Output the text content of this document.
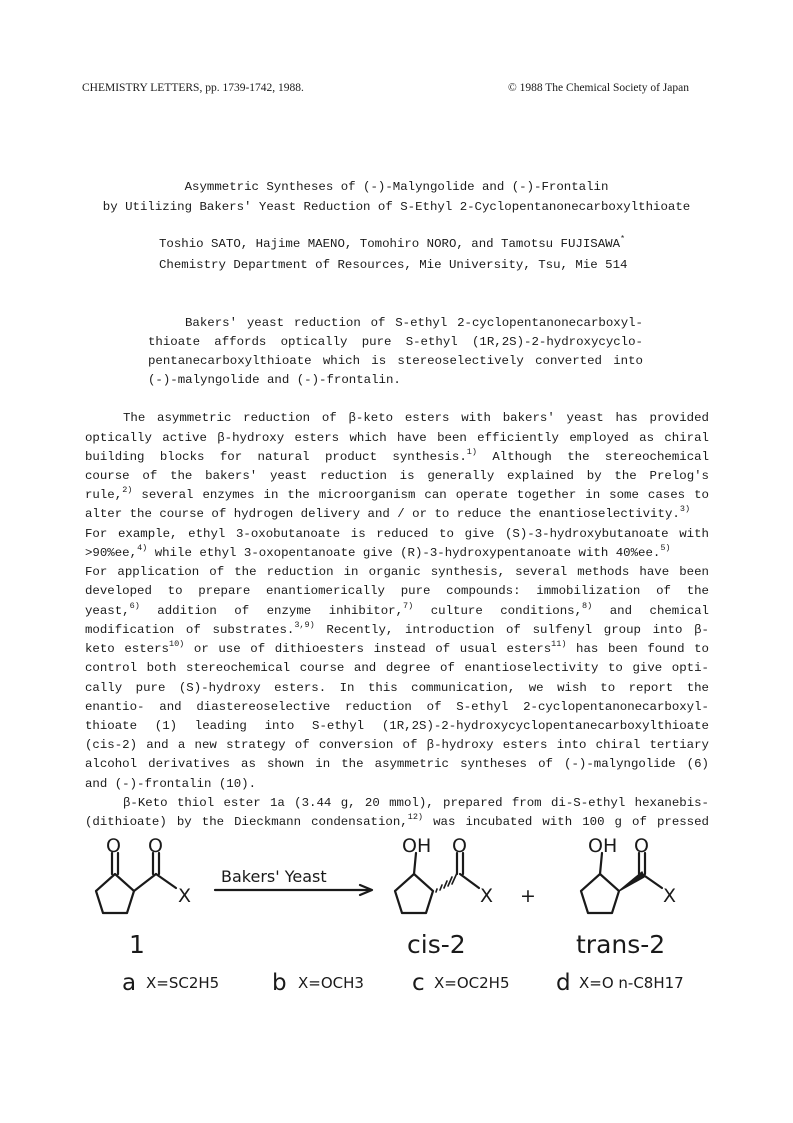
CHEMISTRY LETTERS, pp. 1739-1742, 1988.	© 1988 The Chemical Society of Japan
Asymmetric Syntheses of (-)-Malyngolide and (-)-Frontalin
by Utilizing Bakers' Yeast Reduction of S-Ethyl 2-Cyclopentanonecarboxylthioate
Toshio SATO, Hajime MAENO, Tomohiro NORO, and Tamotsu FUJISAWA*
Chemistry Department of Resources, Mie University, Tsu, Mie 514
Bakers' yeast reduction of S-ethyl 2-cyclopentanonecarboxyl-
thioate affords optically pure S-ethyl (1R,2S)-2-hydroxycyclo-
pentanecarboxylthioate which is stereoselectively converted into
(-)-malyngolide and (-)-frontalin.
The asymmetric reduction of β-keto esters with bakers' yeast has provided
optically active β-hydroxy esters which have been efficiently employed as chiral
building blocks for natural product synthesis.$^{1)}$ Although the stereochemical
course of the bakers' yeast reduction is generally explained by the Prelog's
rule,$^{2)}$ several enzymes in the microorganism can operate together in some cases to
alter the course of hydrogen delivery and / or to reduce the enantioselectivity.$^{3)}$
For example, ethyl 3-oxobutanoate is reduced to give (S)-3-hydroxybutanoate with
>90%ee,$^{4)}$ while ethyl 3-oxopentanoate give (R)-3-hydroxypentanoate with 40%ee.$^{5)}$
For application of the reduction in organic synthesis, several methods have been
developed to prepare enantiomerically pure compounds: immobilization of the
yeast,$^{6)}$ addition of enzyme inhibitor,$^{7)}$ culture conditions,$^{8)}$ and chemical
modification of substrates.$^{3,9)}$ Recently, introduction of sulfenyl group into β-
keto esters$^{10)}$ or use of dithioesters instead of usual esters$^{11)}$ has been found to
control both stereochemical course and degree of enantioselectivity to give opti-
cally pure (S)-hydroxy esters. In this communication, we wish to report the
enantio- and diastereoselective reduction of S-ethyl 2-cyclopentanonecarboxyl-
thioate (1) leading into S-ethyl (1R,2S)-2-hydroxycyclopentanecarboxylthioate
(cis-2) and a new strategy of conversion of β-hydroxy esters into chiral tertiary
alcohol derivatives as shown in the asymmetric syntheses of (-)-malyngolide (6)
and (-)-frontalin (10).
β-Keto thiol ester 1a (3.44 g, 20 mmol), prepared from di-S-ethyl hexanebis-
(dithioate) by the Dieckmann condensation,$^{12)}$ was incubated with 100 g of pressed
O O
X
OH O
X +
OH O
X
Bakers' Yeast
1	cis-2	trans-2
a X=SC2H5 b X=OCH3 c X=OC2H5 d X=O n-C8H17
